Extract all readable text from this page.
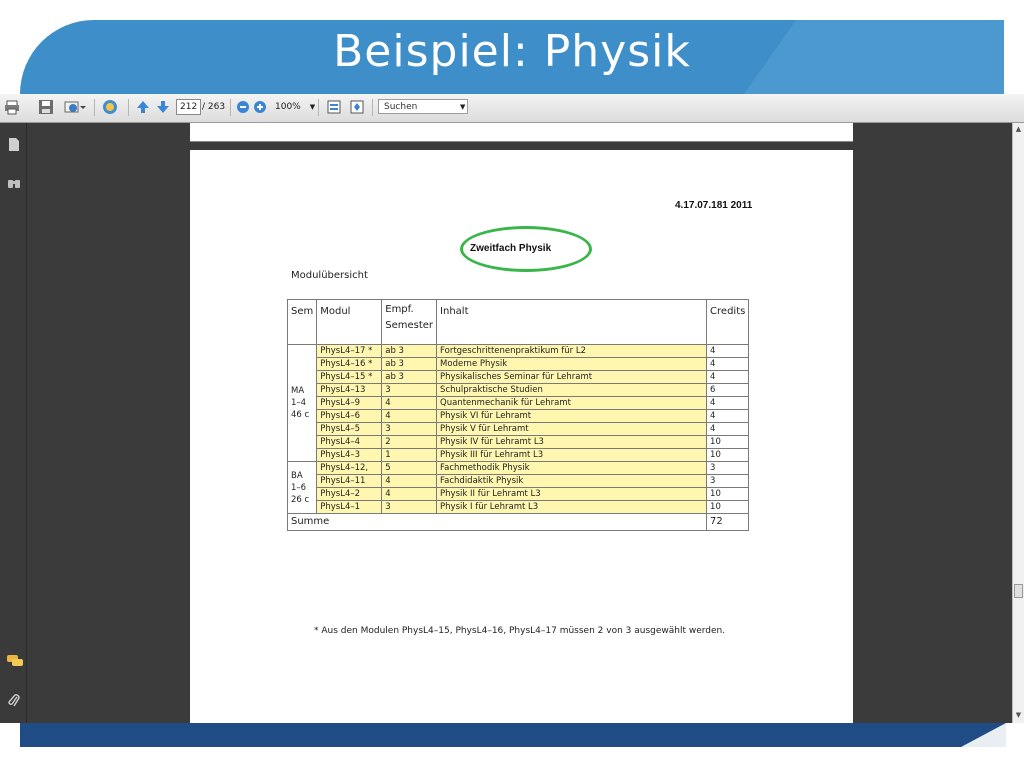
Beispiel: Physik
212 / 263	100%	▼	Suchen	▼
▲
▼
4.17.07.181 2011
Zweitfach Physik
Modulübersicht
Sem	Modul	Empf. Semester	Inhalt	Credits

MA
1–4
46 c	PhysL4–17 *	ab 3	Fortgeschrittenenpraktikum für L2	4
	PhysL4–16 *	ab 3	Moderne Physik	4
	PhysL4–15 *	ab 3	Physikalisches Seminar für Lehramt	4
	PhysL4–13	3	Schulpraktische Studien	6
	PhysL4–9	4	Quantenmechanik für Lehramt	4
	PhysL4–6	4	Physik VI für Lehramt	4
	PhysL4–5	3	Physik V für Lehramt	4
	PhysL4–4	2	Physik IV für Lehramt L3	10
	PhysL4–3	1	Physik III für Lehramt L3	10

BA
1–6
26 c	PhysL4–12,	5	Fachmethodik Physik	3
	PhysL4–11	4	Fachdidaktik Physik	3
	PhysL4–2	4	Physik II für Lehramt L3	10
	PhysL4–1	3	Physik I für Lehramt L3	10
Summe				72
* Aus den Modulen PhysL4–15, PhysL4–16, PhysL4–17 müssen 2 von 3 ausgewählt werden.
